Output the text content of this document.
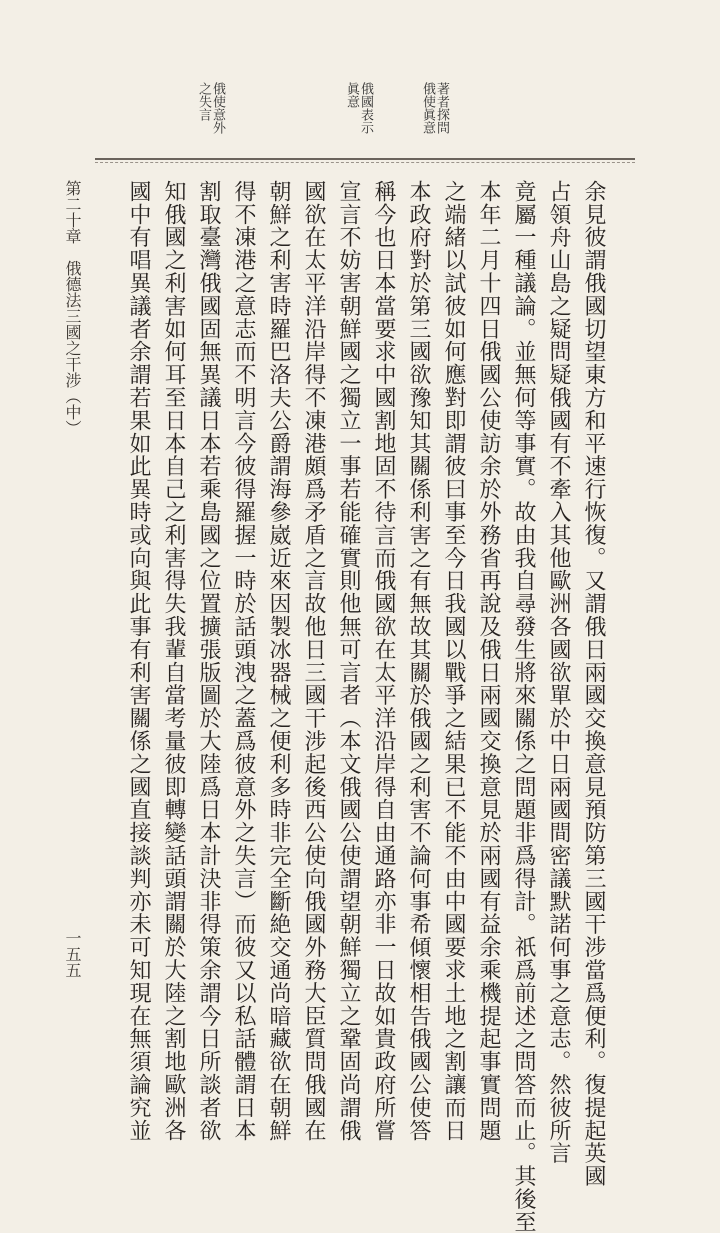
著者探問
俄使眞意
俄國表示
眞意
俄使意外
之失言
余見彼謂俄國切望東方和平速行恢復。又謂俄日兩國交換意見預防第三國干涉當爲便利。復提起英國
占領舟山島之疑問疑俄國有不牽入其他歐洲各國欲單於中日兩國間密議默諾何事之意志。然彼所言
竟屬一種議論。並無何等事實。故由我自尋發生將來關係之問題非爲得計。祇爲前述之問答而止。其後至
本年二月十四日俄國公使訪余於外務省再說及俄日兩國交換意見於兩國有益余乘機提起事實問題
之端緒以試彼如何應對即謂彼曰事至今日我國以戰爭之結果已不能不由中國要求土地之割讓而日
本政府對於第三國欲豫知其關係利害之有無故其關於俄國之利害不論何事希傾懷相告俄國公使答
稱今也日本當要求中國割地固不待言而俄國欲在太平洋沿岸得自由通路亦非一日故如貴政府所嘗
宣言不妨害朝鮮國之獨立一事若能確實則他無可言者（本文俄國公使謂望朝鮮獨立之鞏固尚謂俄
國欲在太平洋沿岸得不凍港頗爲矛盾之言故他日三國干涉起後西公使向俄國外務大臣質問俄國在
朝鮮之利害時羅巴洛夫公爵謂海參崴近來因製冰器械之便利多時非完全斷絶交通尚暗藏欲在朝鮮
得不凍港之意志而不明言今彼得羅握一時於話頭洩之蓋爲彼意外之失言）而彼又以私話體謂日本
割取臺灣俄國固無異議日本若乘島國之位置擴張版圖於大陸爲日本計決非得策余謂今日所談者欲
知俄國之利害如何耳至日本自己之利害得失我輩自當考量彼即轉變話頭謂關於大陸之割地歐洲各
國中有唱異議者余謂若果如此異時或向與此事有利害關係之國直接談判亦未可知現在無須論究並
第二十章　俄德法三國之干涉（中）
一五五
